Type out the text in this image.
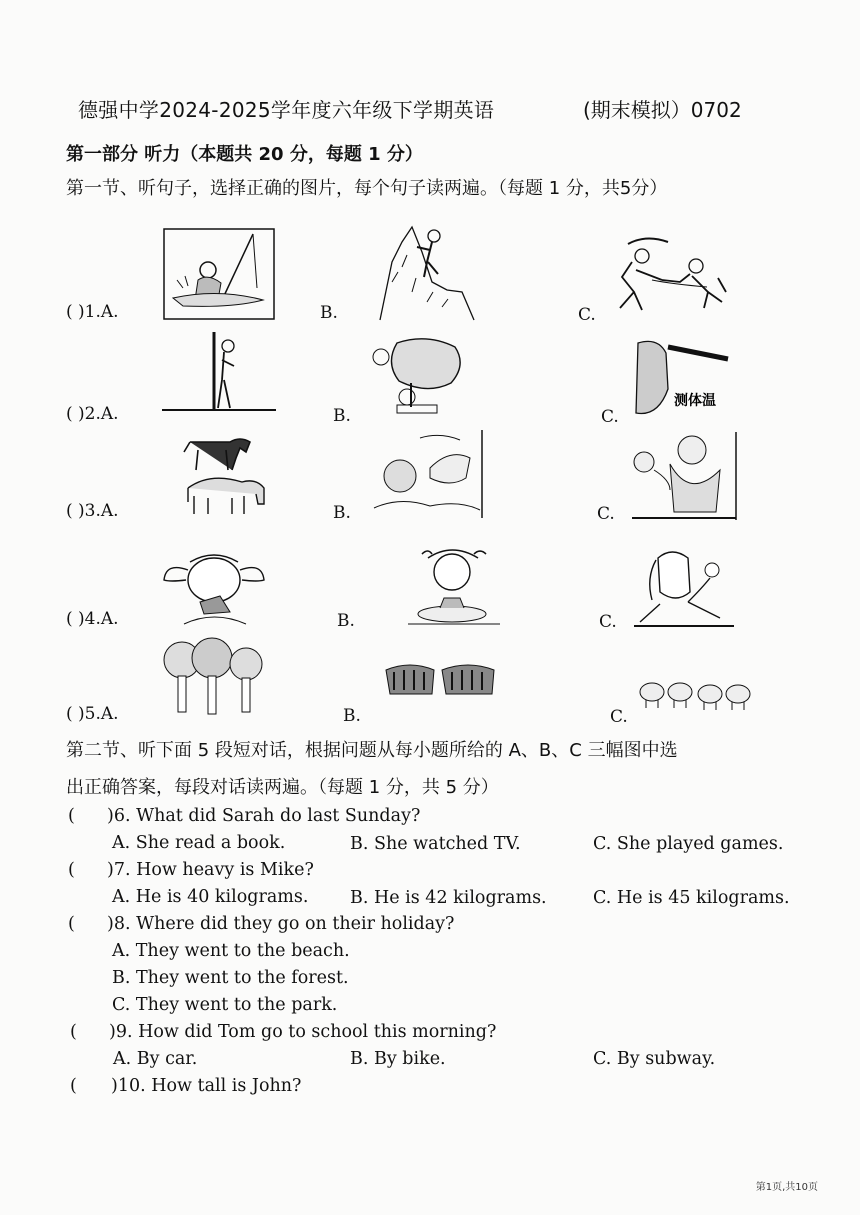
德强中学2024-2025学年度六年级下学期英语	(期末模拟）0702
第一部分 听力（本题共 20 分，每题 1 分）
第一节、听句子，选择正确的图片，每个句子读两遍。（每题 1 分，共5分）
( )1.A.	B.	C.
( )2.A.	B.	C.
( )3.A.	B.	C.
( )4.A.	B.	C.
( )5.A.	B.	C.
测体温
第二节、听下面 5 段短对话，根据问题从每小题所给的 A、B、C 三幅图中选
出正确答案，每段对话读两遍。（每题 1 分，共 5 分）
( )6. What did Sarah do last Sunday?
A. She read a book.	B. She watched TV.	C. She played games.
( )7. How heavy is Mike?
A. He is 40 kilograms. B. He is 42 kilograms.	C. He is 45 kilograms.
( )8. Where did they go on their holiday?
A. They went to the beach.
B. They went to the forest.
C. They went to the park.
( )9. How did Tom go to school this morning?
A. By car.	B. By bike.	C. By subway.
( )10. How tall is John?
第1页,共10页
